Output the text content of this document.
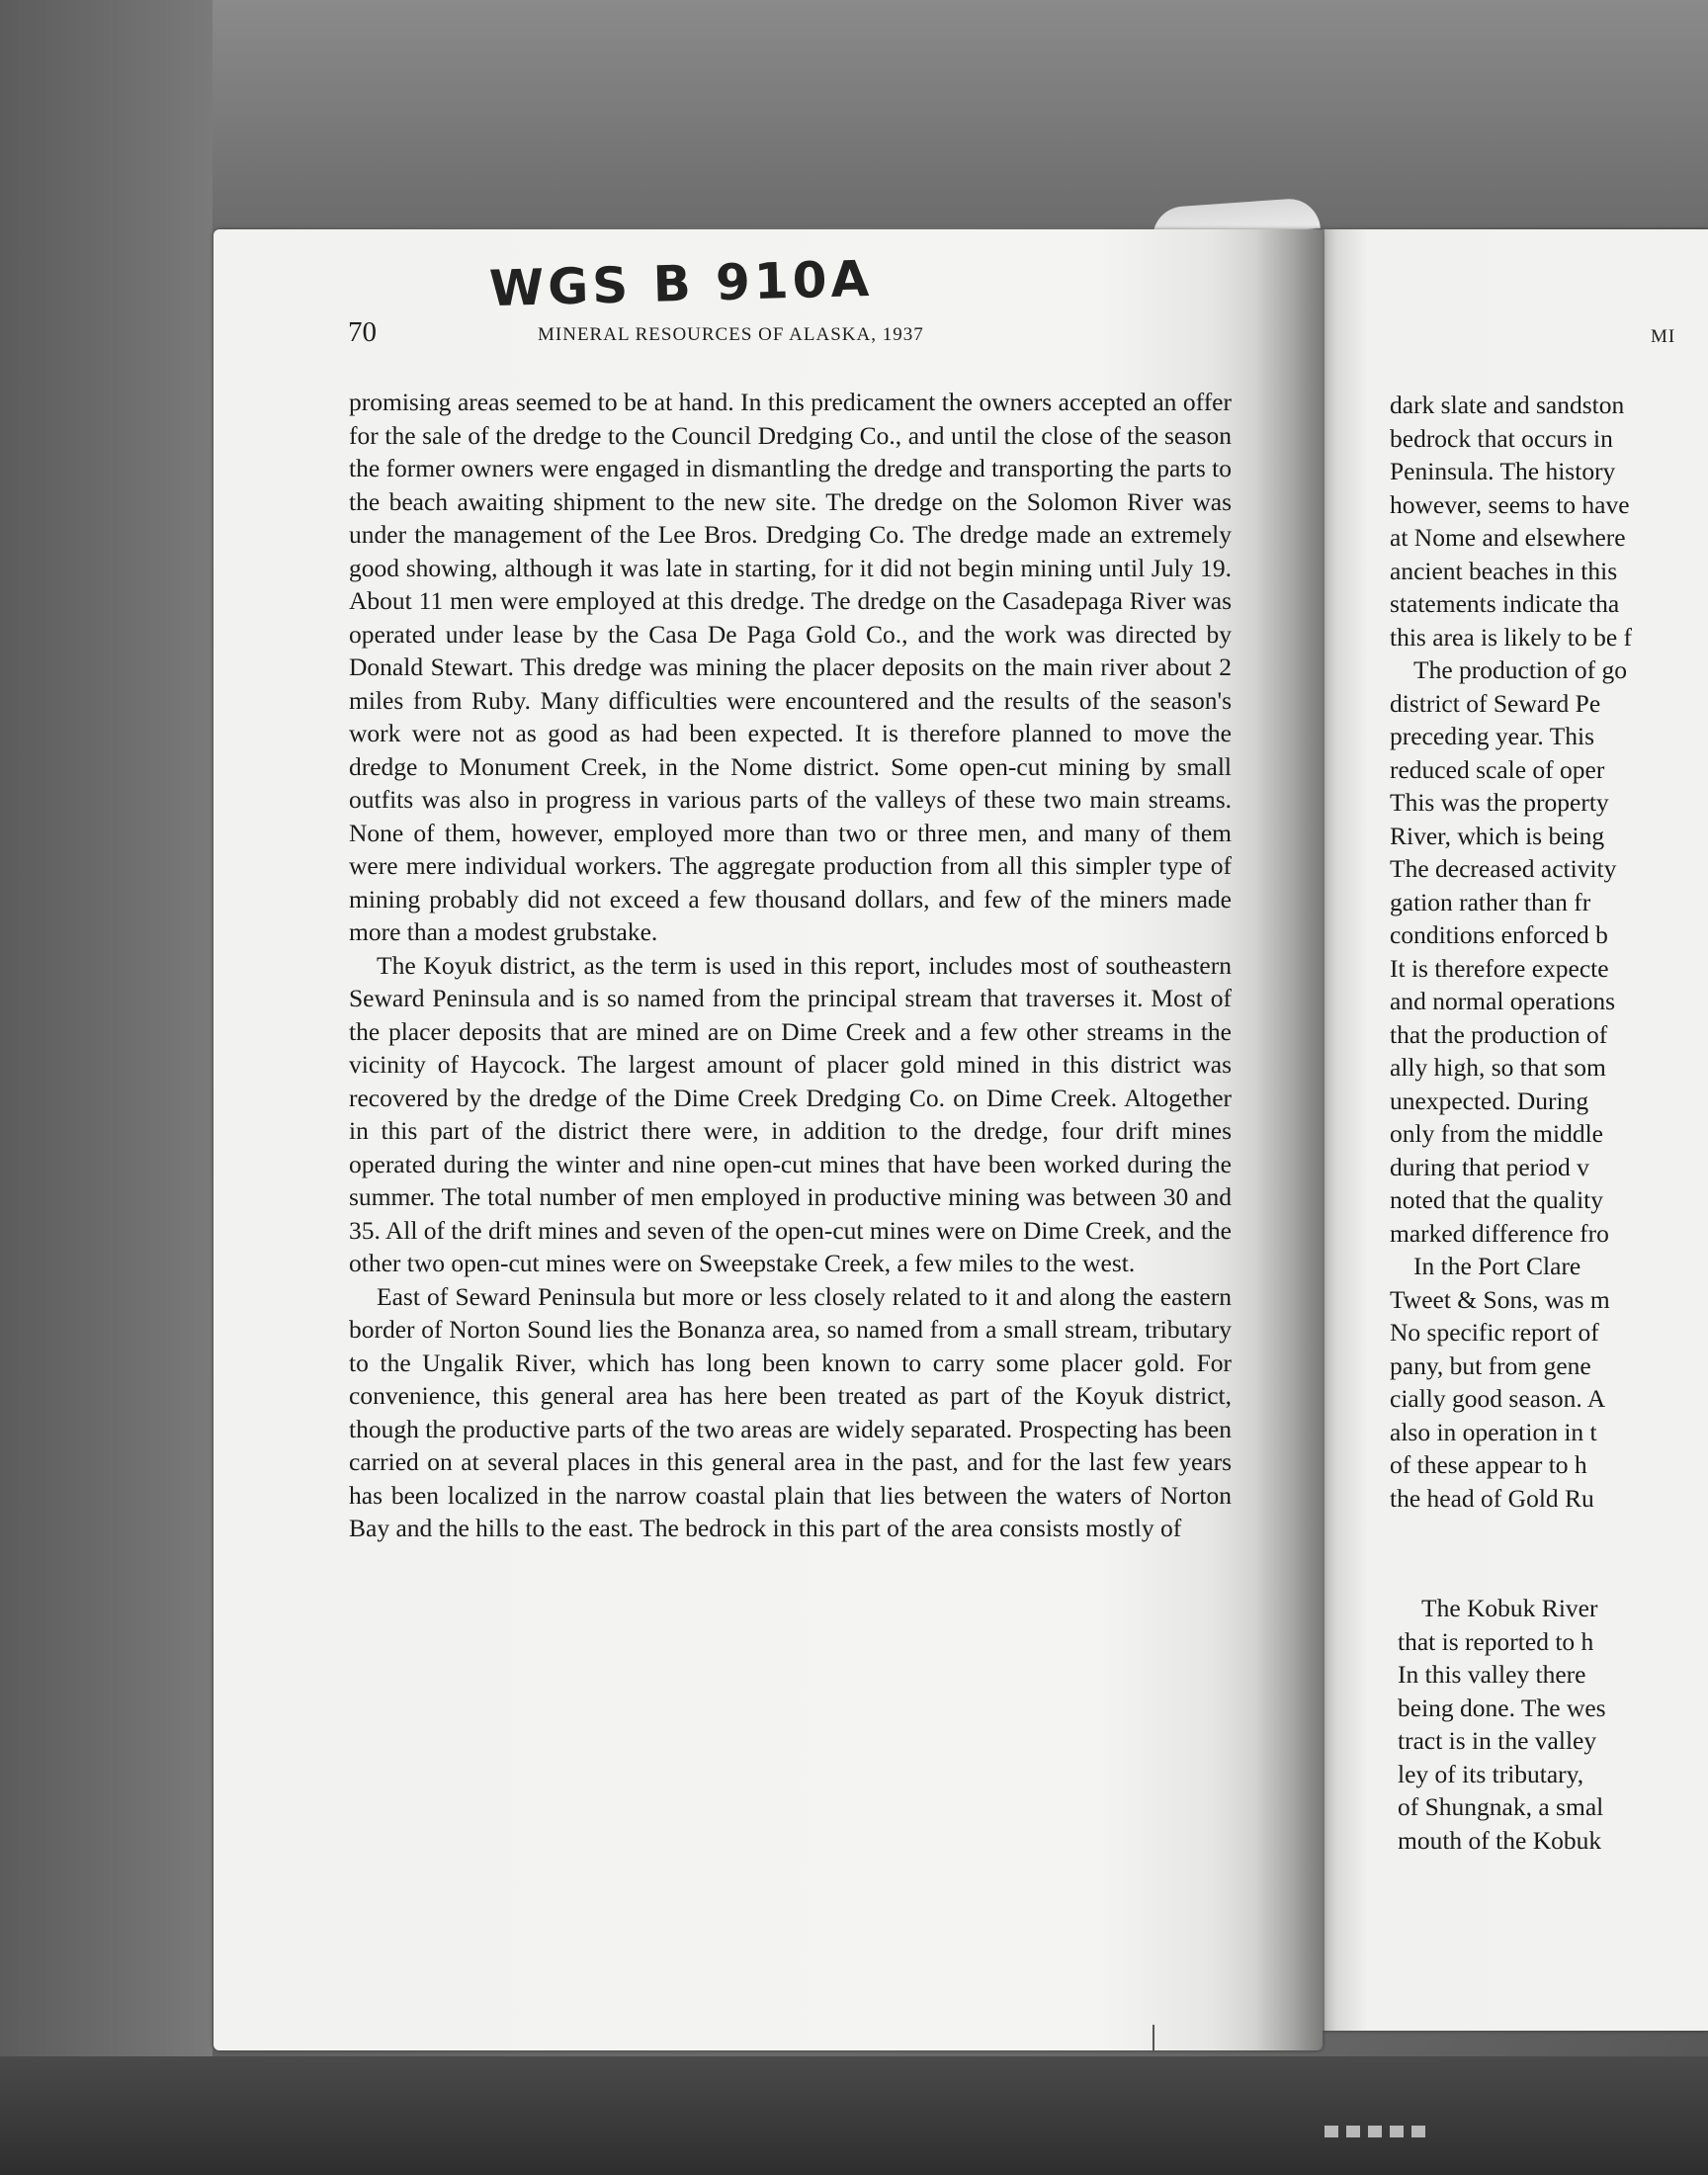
WGS B 910A
70	MINERAL RESOURCES OF ALASKA, 1937	MI

promising areas seemed to be at hand. In this predicament the owners accepted an offer for the sale of the dredge to the Council Dredging Co., and until the close of the season the former owners were engaged in dismantling the dredge and transporting the parts to the beach awaiting shipment to the new site. The dredge on the Solomon River was under the management of the Lee Bros. Dredging Co. The dredge made an extremely good showing, although it was late in starting, for it did not begin mining until July 19. About 11 men were employed at this dredge. The dredge on the Casadepaga River was operated under lease by the Casa De Paga Gold Co., and the work was directed by Donald Stewart. This dredge was mining the placer deposits on the main river about 2 miles from Ruby. Many difficulties were encountered and the results of the season's work were not as good as had been expected. It is therefore planned to move the dredge to Monument Creek, in the Nome district. Some open-cut mining by small outfits was also in progress in various parts of the valleys of these two main streams. None of them, however, employed more than two or three men, and many of them were mere individual workers. The aggregate production from all this simpler type of mining probably did not exceed a few thousand dollars, and few of the miners made more than a modest grubstake.

The Koyuk district, as the term is used in this report, includes most of southeastern Seward Peninsula and is so named from the principal stream that traverses it. Most of the placer deposits that are mined are on Dime Creek and a few other streams in the vicinity of Haycock. The largest amount of placer gold mined in this district was recovered by the dredge of the Dime Creek Dredging Co. on Dime Creek. Altogether in this part of the district there were, in addition to the dredge, four drift mines operated during the winter and nine open-cut mines that have been worked during the summer. The total number of men employed in productive mining was between 30 and 35. All of the drift mines and seven of the open-cut mines were on Dime Creek, and the other two open-cut mines were on Sweepstake Creek, a few miles to the west.

East of Seward Peninsula but more or less closely related to it and along the eastern border of Norton Sound lies the Bonanza area, so named from a small stream, tributary to the Ungalik River, which has long been known to carry some placer gold. For convenience, this general area has here been treated as part of the Koyuk district, though the productive parts of the two areas are widely separated. Prospecting has been carried on at several places in this general area in the past, and for the last few years has been localized in the narrow coastal plain that lies between the waters of Norton Bay and the hills to the east. The bedrock in this part of the area consists mostly of

dark slate and sandston
bedrock that occurs in
Peninsula. The history
however, seems to have
at Nome and elsewhere
ancient beaches in this
statements indicate tha
this area is likely to be f
The production of go
district of Seward Pe
preceding year. This
reduced scale of oper
This was the property
River, which is being
The decreased activity
gation rather than fr
conditions enforced b
It is therefore expecte
and normal operations
that the production of
ally high, so that som
unexpected. During
only from the middle
during that period v
noted that the quality
marked difference fro
In the Port Clare
Tweet & Sons, was m
No specific report of
pany, but from gene
cially good season. A
also in operation in t
of these appear to h
the head of Gold Ru
The Kobuk River
that is reported to h
In this valley there
being done. The wes
tract is in the valley
ley of its tributary,
of Shungnak, a smal
mouth of the Kobuk
